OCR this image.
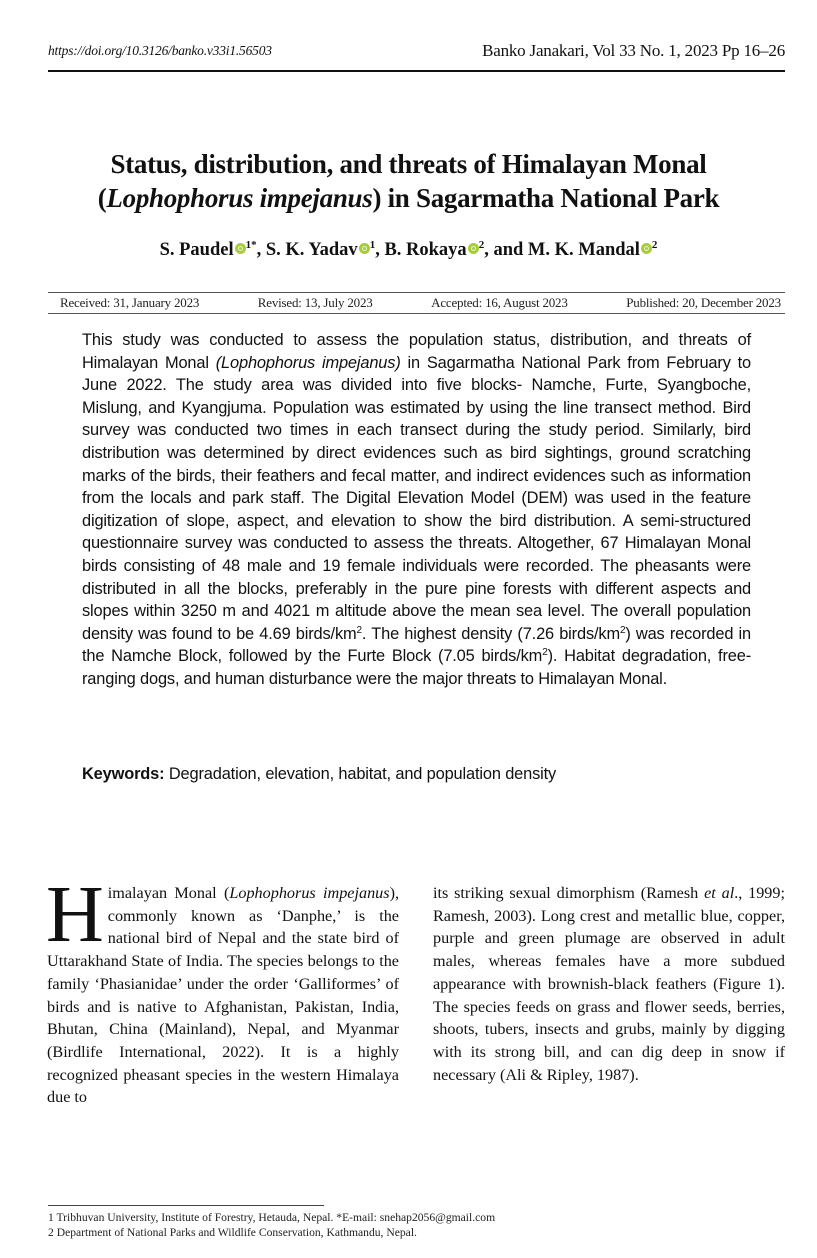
https://doi.org/10.3126/banko.v33i1.56503	Banko Janakari, Vol 33 No. 1, 2023 Pp 16–26
Status, distribution, and threats of Himalayan Monal
(Lophophorus impejanus) in Sagarmatha National Park
S. Paudel $^{1*}$, S. K. Yadav $^1$, B. Rokaya $^2$, and M. K. Mandal $^2$
Received: 31, January 2023	Revised: 13, July 2023	Accepted: 16, August 2023	Published: 20, December 2023

This study was conducted to assess the population status, distribution, and threats of Himalayan Monal (Lophophorus impejanus) in Sagarmatha National Park from February to June 2022. The study area was divided into five blocks- Namche, Furte, Syangboche, Mislung, and Kyangjuma. Population was estimated by using the line transect method. Bird survey was conducted two times in each transect during the study period. Similarly, bird distribution was determined by direct evidences such as bird sightings, ground scratching marks of the birds, their feathers and fecal matter, and indirect evidences such as information from the locals and park staff. The Digital Elevation Model (DEM) was used in the feature digitization of slope, aspect, and elevation to show the bird distribution. A semi-structured questionnaire survey was conducted to assess the threats. Altogether, 67 Himalayan Monal birds consisting of 48 male and 19 female individuals were recorded. The pheasants were distributed in all the blocks, preferably in the pure pine forests with different aspects and slopes within 3250 m and 4021 m altitude above the mean sea level. The overall population density was found to be 4.69 birds/$km^2$. The highest density (7.26 birds/$km^2$) was recorded in the Namche Block, followed by the Furte Block (7.05 birds/$km^2$). Habitat degradation, free-ranging dogs, and human disturbance were the major threats to Himalayan Monal.

Keywords: Degradation, elevation, habitat, and population density

Himalayan Monal (Lophophorus impejanus), commonly known as ‘Danphe,’ is the national bird of Nepal and the state bird of Uttarakhand State of India. The species belongs to the family ‘Phasianidae’ under the order ‘Galliformes’ of birds and is native to Afghanistan, Pakistan, India, Bhutan, China (Mainland), Nepal, and Myanmar (Birdlife International, 2022). It is a highly recognized pheasant species in the western Himalaya due to

its striking sexual dimorphism (Ramesh et al., 1999; Ramesh, 2003). Long crest and metallic blue, copper, purple and green plumage are observed in adult males, whereas females have a more subdued appearance with brownish-black feathers (Figure 1). The species feeds on grass and flower seeds, berries, shoots, tubers, insects and grubs, mainly by digging with its strong bill, and can dig deep in snow if necessary (Ali & Ripley, 1987).

1 Tribhuvan University, Institute of Forestry, Hetauda, Nepal. *E-mail: snehap2056@gmail.com
2 Department of National Parks and Wildlife Conservation, Kathmandu, Nepal.
